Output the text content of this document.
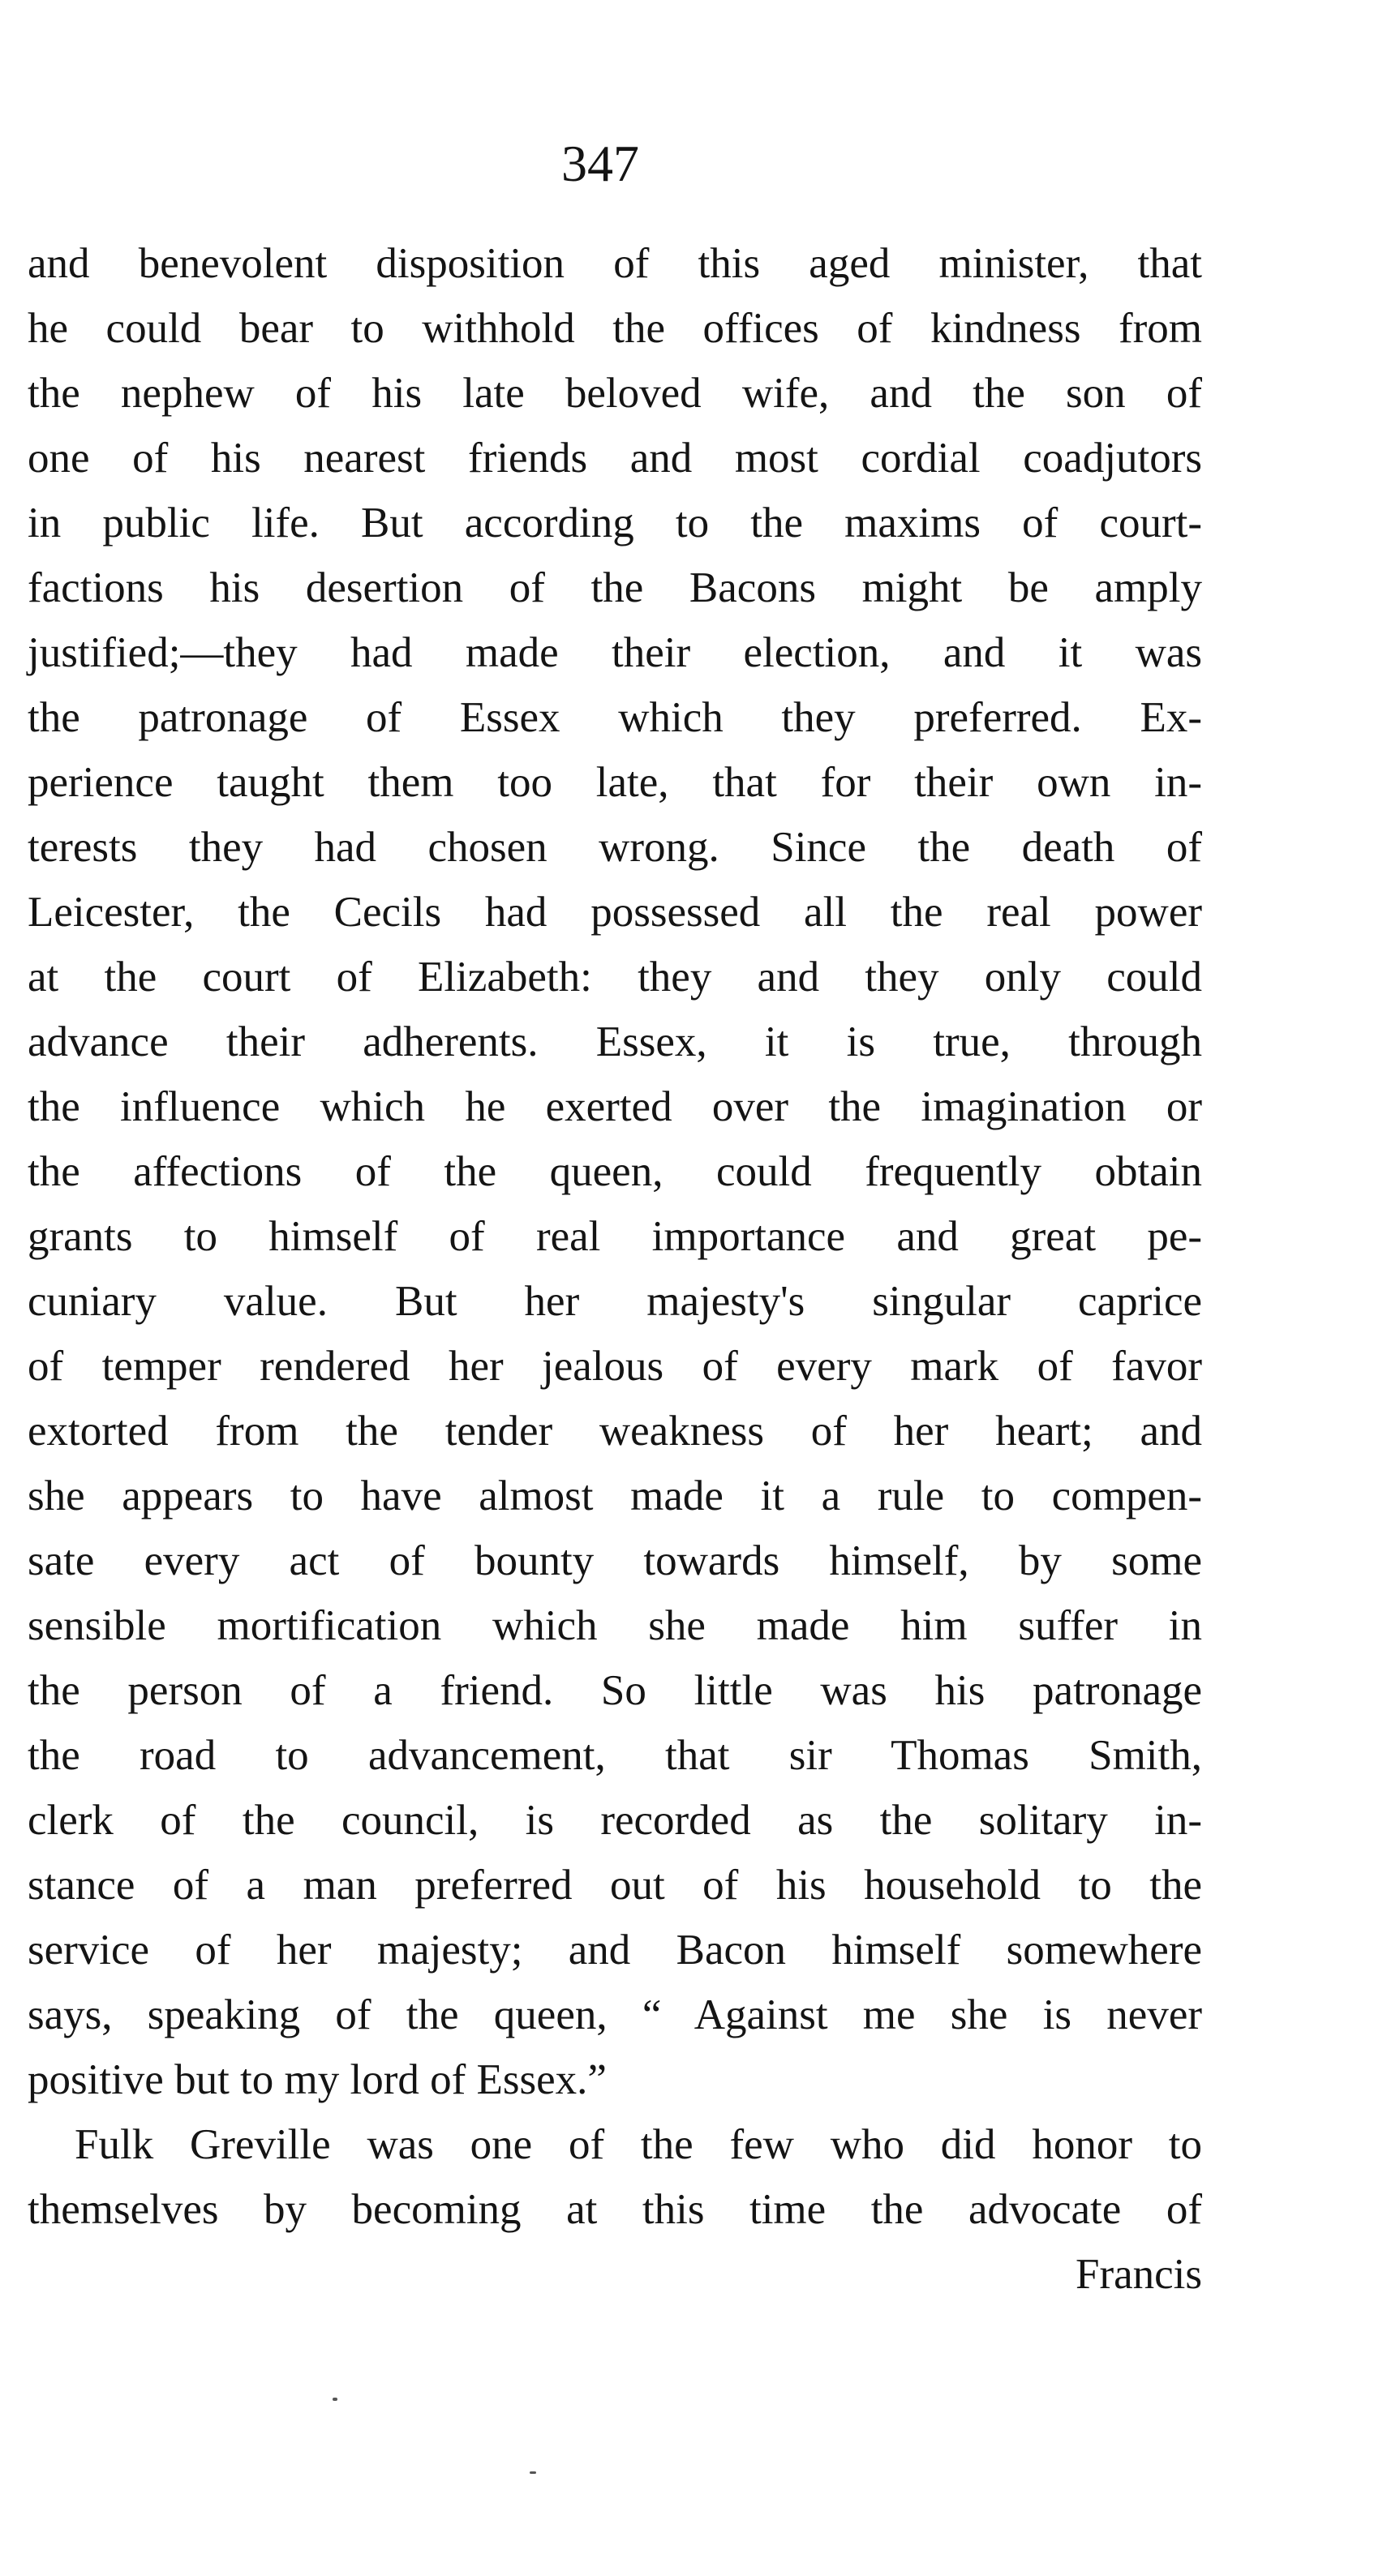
347
and benevolent disposition of this aged minister, that
he could bear to withhold the offices of kindness from
the nephew of his late beloved wife, and the son of
one of his nearest friends and most cordial coadjutors
in public life. But according to the maxims of court-
factions his desertion of the Bacons might be amply
justified;—they had made their election, and it was
the patronage of Essex which they preferred. Ex-
perience taught them too late, that for their own in-
terests they had chosen wrong. Since the death of
Leicester, the Cecils had possessed all the real power
at the court of Elizabeth: they and they only could
advance their adherents. Essex, it is true, through
the influence which he exerted over the imagination or
the affections of the queen, could frequently obtain
grants to himself of real importance and great pe-
cuniary value. But her majesty's singular caprice
of temper rendered her jealous of every mark of favor
extorted from the tender weakness of her heart; and
she appears to have almost made it a rule to compen-
sate every act of bounty towards himself, by some
sensible mortification which she made him suffer in
the person of a friend. So little was his patronage
the road to advancement, that sir Thomas Smith,
clerk of the council, is recorded as the solitary in-
stance of a man preferred out of his household to the
service of her majesty; and Bacon himself somewhere
says, speaking of the queen, “ Against me she is never
positive but to my lord of Essex.”
Fulk Greville was one of the few who did honor to
themselves by becoming at this time the advocate of
Francis
